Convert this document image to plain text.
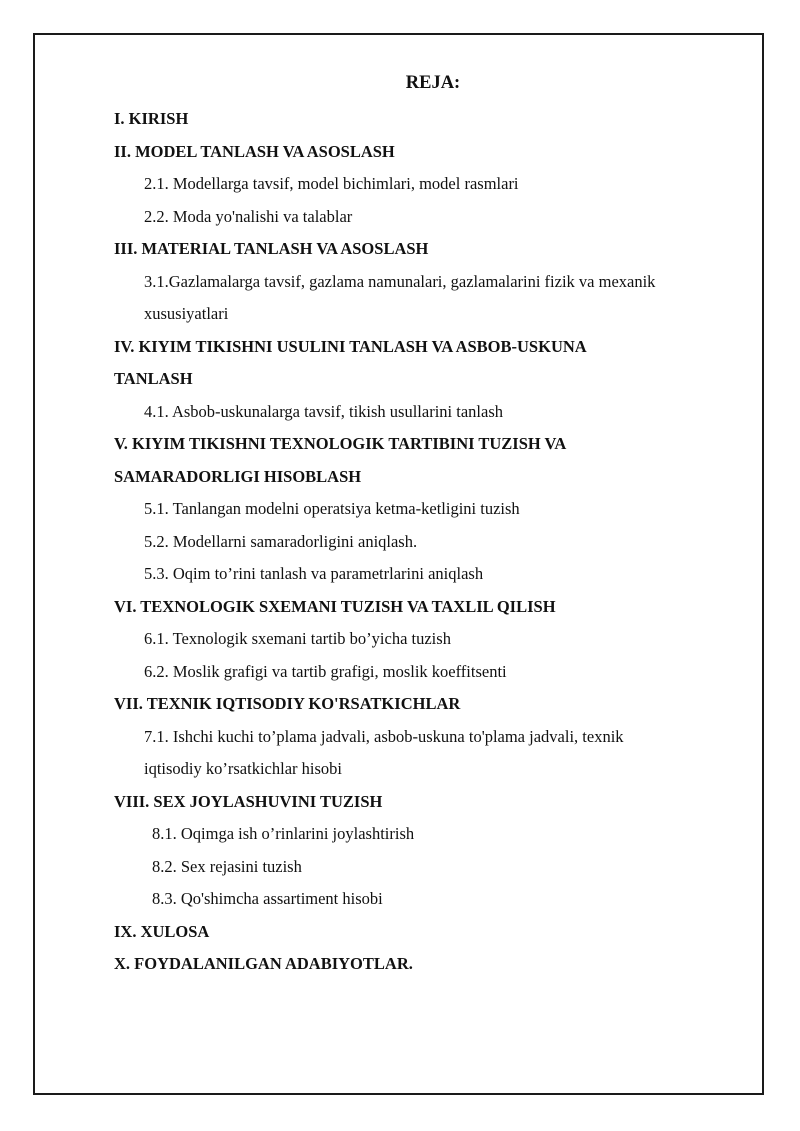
REJA:
I. KIRISH
II. MODEL TANLASH VA ASOSLASH
2.1. Modellarga tavsif, model bichimlari, model rasmlari
2.2. Moda yo'nalishi va talablar
III. MATERIAL TANLASH VA ASOSLASH
3.1.Gazlamalarga tavsif, gazlama namunalari, gazlamalarini fizik va mexanik
xususiyatlari
IV. KIYIM TIKISHNI USULINI TANLASH VA ASBOB-USKUNA
TANLASH
4.1. Asbob-uskunalarga tavsif, tikish usullarini tanlash
V. KIYIM TIKISHNI TEXNOLOGIK TARTIBINI TUZISH VA
SAMARADORLIGI HISOBLASH
5.1. Tanlangan modelni operatsiya ketma-ketligini tuzish
5.2. Modellarni samaradorligini aniqlash.
5.3. Oqim to’rini tanlash va parametrlarini aniqlash
VI. TEXNOLOGIK SXEMANI TUZISH VA TAXLIL QILISH
6.1. Texnologik sxemani tartib bo’yicha tuzish
6.2. Moslik grafigi va tartib grafigi, moslik koeffitsenti
VII. TEXNIK IQTISODIY KO'RSATKICHLAR
7.1. Ishchi kuchi to’plama jadvali, asbob-uskuna to'plama jadvali, texnik
iqtisodiy ko’rsatkichlar hisobi
VIII. SEX JOYLASHUVINI TUZISH
8.1. Oqimga ish o’rinlarini joylashtirish
8.2. Sex rejasini tuzish
8.3. Qo'shimcha assartiment hisobi
IX. XULOSA
X. FOYDALANILGAN ADABIYOTLAR.
